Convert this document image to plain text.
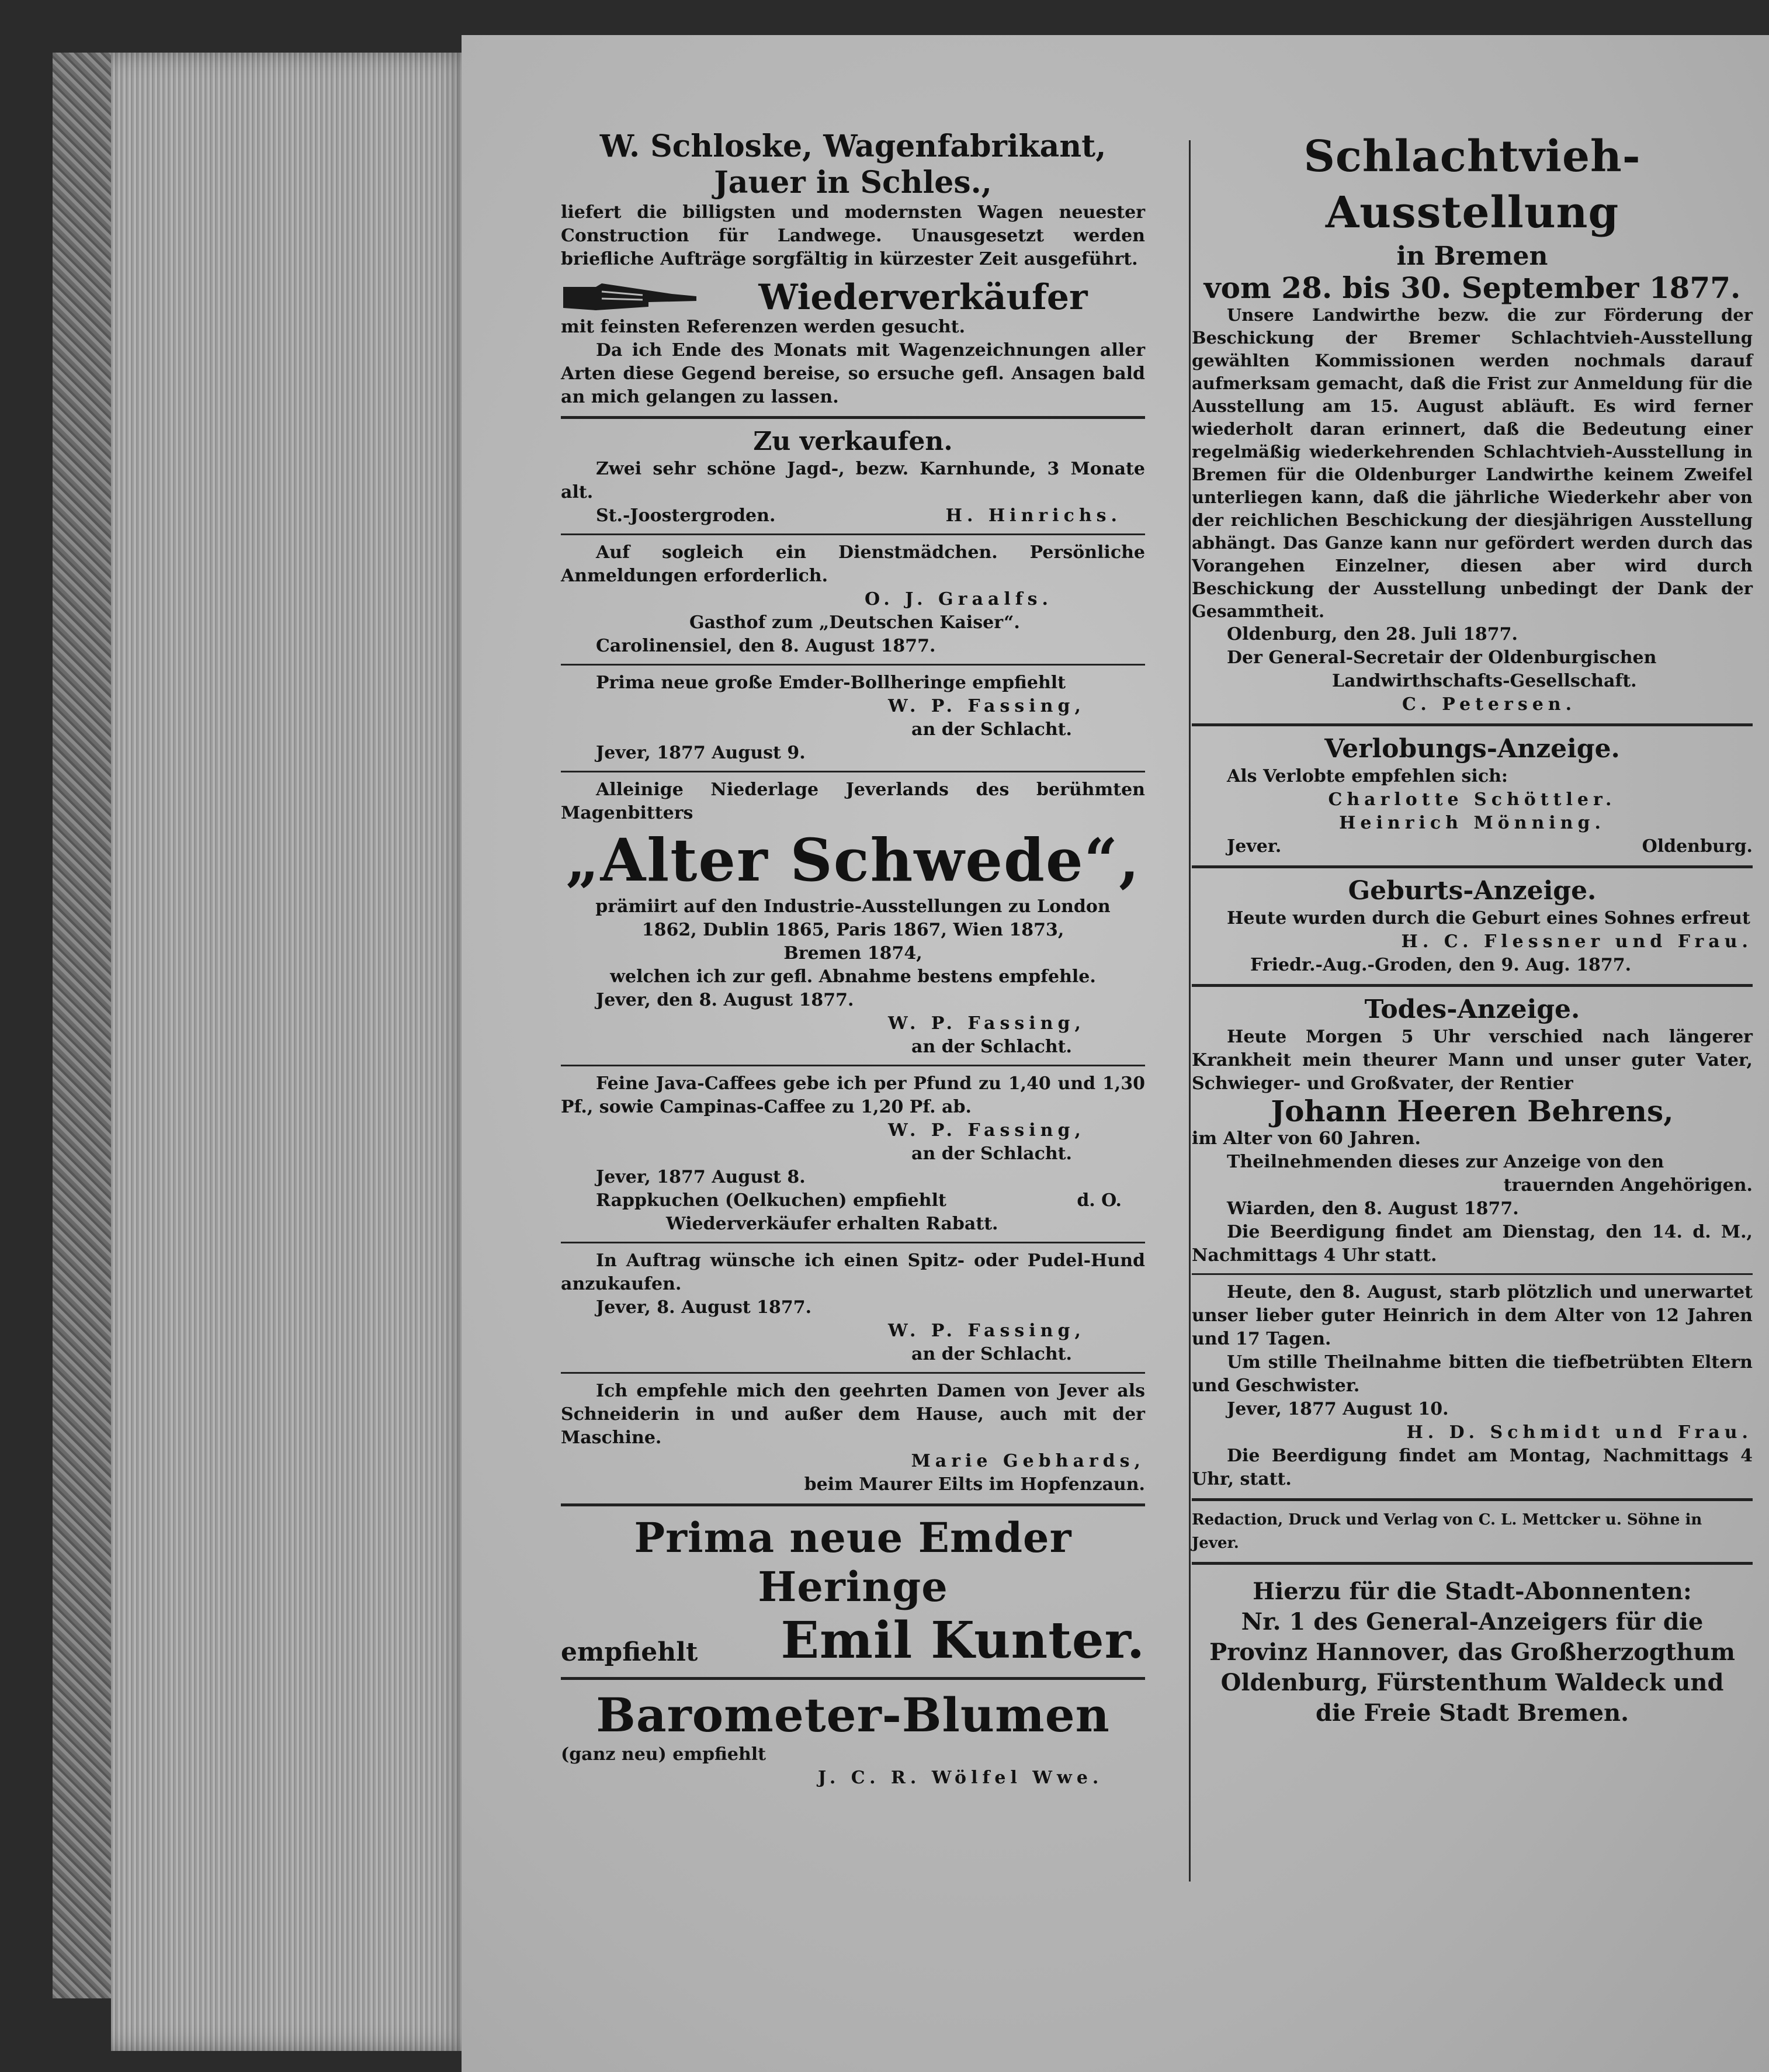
W. Schloske, Wagenfabrikant,
Jauer in Schles.,
liefert die billigsten und modernsten Wagen neuester Construction für Landwege. Unausgesetzt werden briefliche Aufträge sorgfältig in kürzester Zeit ausgeführt.
Wiederverkäufer
mit feinsten Referenzen werden gesucht.
Da ich Ende des Monats mit Wagenzeichnungen aller Arten diese Gegend bereise, so ersuche gefl. Ansagen bald an mich gelangen zu lassen.
Zu verkaufen.
Zwei sehr schöne Jagd-, bezw. Karnhunde, 3 Monate alt.
St.-Joostergroden.	H. Hinrichs.
Auf sogleich ein Dienstmädchen. Persönliche Anmeldungen erforderlich.
O. J. Graalfs.
Gasthof zum „Deutschen Kaiser“.
Carolinensiel, den 8. August 1877.
Prima neue große Emder-Bollheringe empfiehlt
W. P. Fassing,
an der Schlacht.
Jever, 1877 August 9.
Alleinige Niederlage Jeverlands des berühmten Magenbitters
„Alter Schwede“,
prämiirt auf den Industrie-Ausstellungen zu London
1862, Dublin 1865, Paris 1867, Wien 1873,
Bremen 1874,
welchen ich zur gefl. Abnahme bestens empfehle.
Jever, den 8. August 1877.
W. P. Fassing,
an der Schlacht.
Feine Java-Caffees gebe ich per Pfund zu 1,40 und 1,30 Pf., sowie Campinas-Caffee zu 1,20 Pf. ab.
W. P. Fassing,
an der Schlacht.
Jever, 1877 August 8.
Rappkuchen (Oelkuchen) empfiehlt	d. O.
Wiederverkäufer erhalten Rabatt.
In Auftrag wünsche ich einen Spitz- oder Pudel-Hund anzukaufen.
Jever, 8. August 1877.
W. P. Fassing,
an der Schlacht.
Ich empfehle mich den geehrten Damen von Jever als Schneiderin in und außer dem Hause, auch mit der Maschine.
Marie Gebhards,
beim Maurer Eilts im Hopfenzaun.
Prima neue Emder Heringe
empfiehlt Emil Kunter.
Barometer-Blumen
(ganz neu) empfiehlt
J. C. R. Wölfel Wwe.
Schlachtvieh-Ausstellung
in Bremen
vom 28. bis 30. September 1877.
Unsere Landwirthe bezw. die zur Förderung der Beschickung der Bremer Schlachtvieh-Ausstellung gewählten Kommissionen werden nochmals darauf aufmerksam gemacht, daß die Frist zur Anmeldung für die Ausstellung am 15. August abläuft. Es wird ferner wiederholt daran erinnert, daß die Bedeutung einer regelmäßig wiederkehrenden Schlachtvieh-Ausstellung in Bremen für die Oldenburger Landwirthe keinem Zweifel unterliegen kann, daß die jährliche Wiederkehr aber von der reichlichen Beschickung der diesjährigen Ausstellung abhängt. Das Ganze kann nur gefördert werden durch das Vorangehen Einzelner, diesen aber wird durch Beschickung der Ausstellung unbedingt der Dank der Gesammtheit.
Oldenburg, den 28. Juli 1877.
Der General-Secretair der Oldenburgischen
Landwirthschafts-Gesellschaft.
C. Petersen.
Verlobungs-Anzeige.
Als Verlobte empfehlen sich:
Charlotte Schöttler.
Heinrich Mönning.
Jever.	Oldenburg.
Geburts-Anzeige.
Heute wurden durch die Geburt eines Sohnes erfreut
H. C. Flessner und Frau.
Friedr.-Aug.-Groden, den 9. Aug. 1877.
Todes-Anzeige.
Heute Morgen 5 Uhr verschied nach längerer Krankheit mein theurer Mann und unser guter Vater, Schwieger- und Großvater, der Rentier
Johann Heeren Behrens,
im Alter von 60 Jahren.
Theilnehmenden dieses zur Anzeige von den
trauernden Angehörigen.
Wiarden, den 8. August 1877.
Die Beerdigung findet am Dienstag, den 14. d. M., Nachmittags 4 Uhr statt.
Heute, den 8. August, starb plötzlich und unerwartet unser lieber guter Heinrich in dem Alter von 12 Jahren und 17 Tagen.
Um stille Theilnahme bitten die tiefbetrübten Eltern und Geschwister.
Jever, 1877 August 10.
H. D. Schmidt und Frau.
Die Beerdigung findet am Montag, Nachmittags 4 Uhr, statt.
Redaction, Druck und Verlag von C. L. Mettcker u. Söhne in Jever.
Hierzu für die Stadt-Abonnenten:
Nr. 1 des General-Anzeigers für die
Provinz Hannover, das Großherzogthum
Oldenburg, Fürstenthum Waldeck und
die Freie Stadt Bremen.
